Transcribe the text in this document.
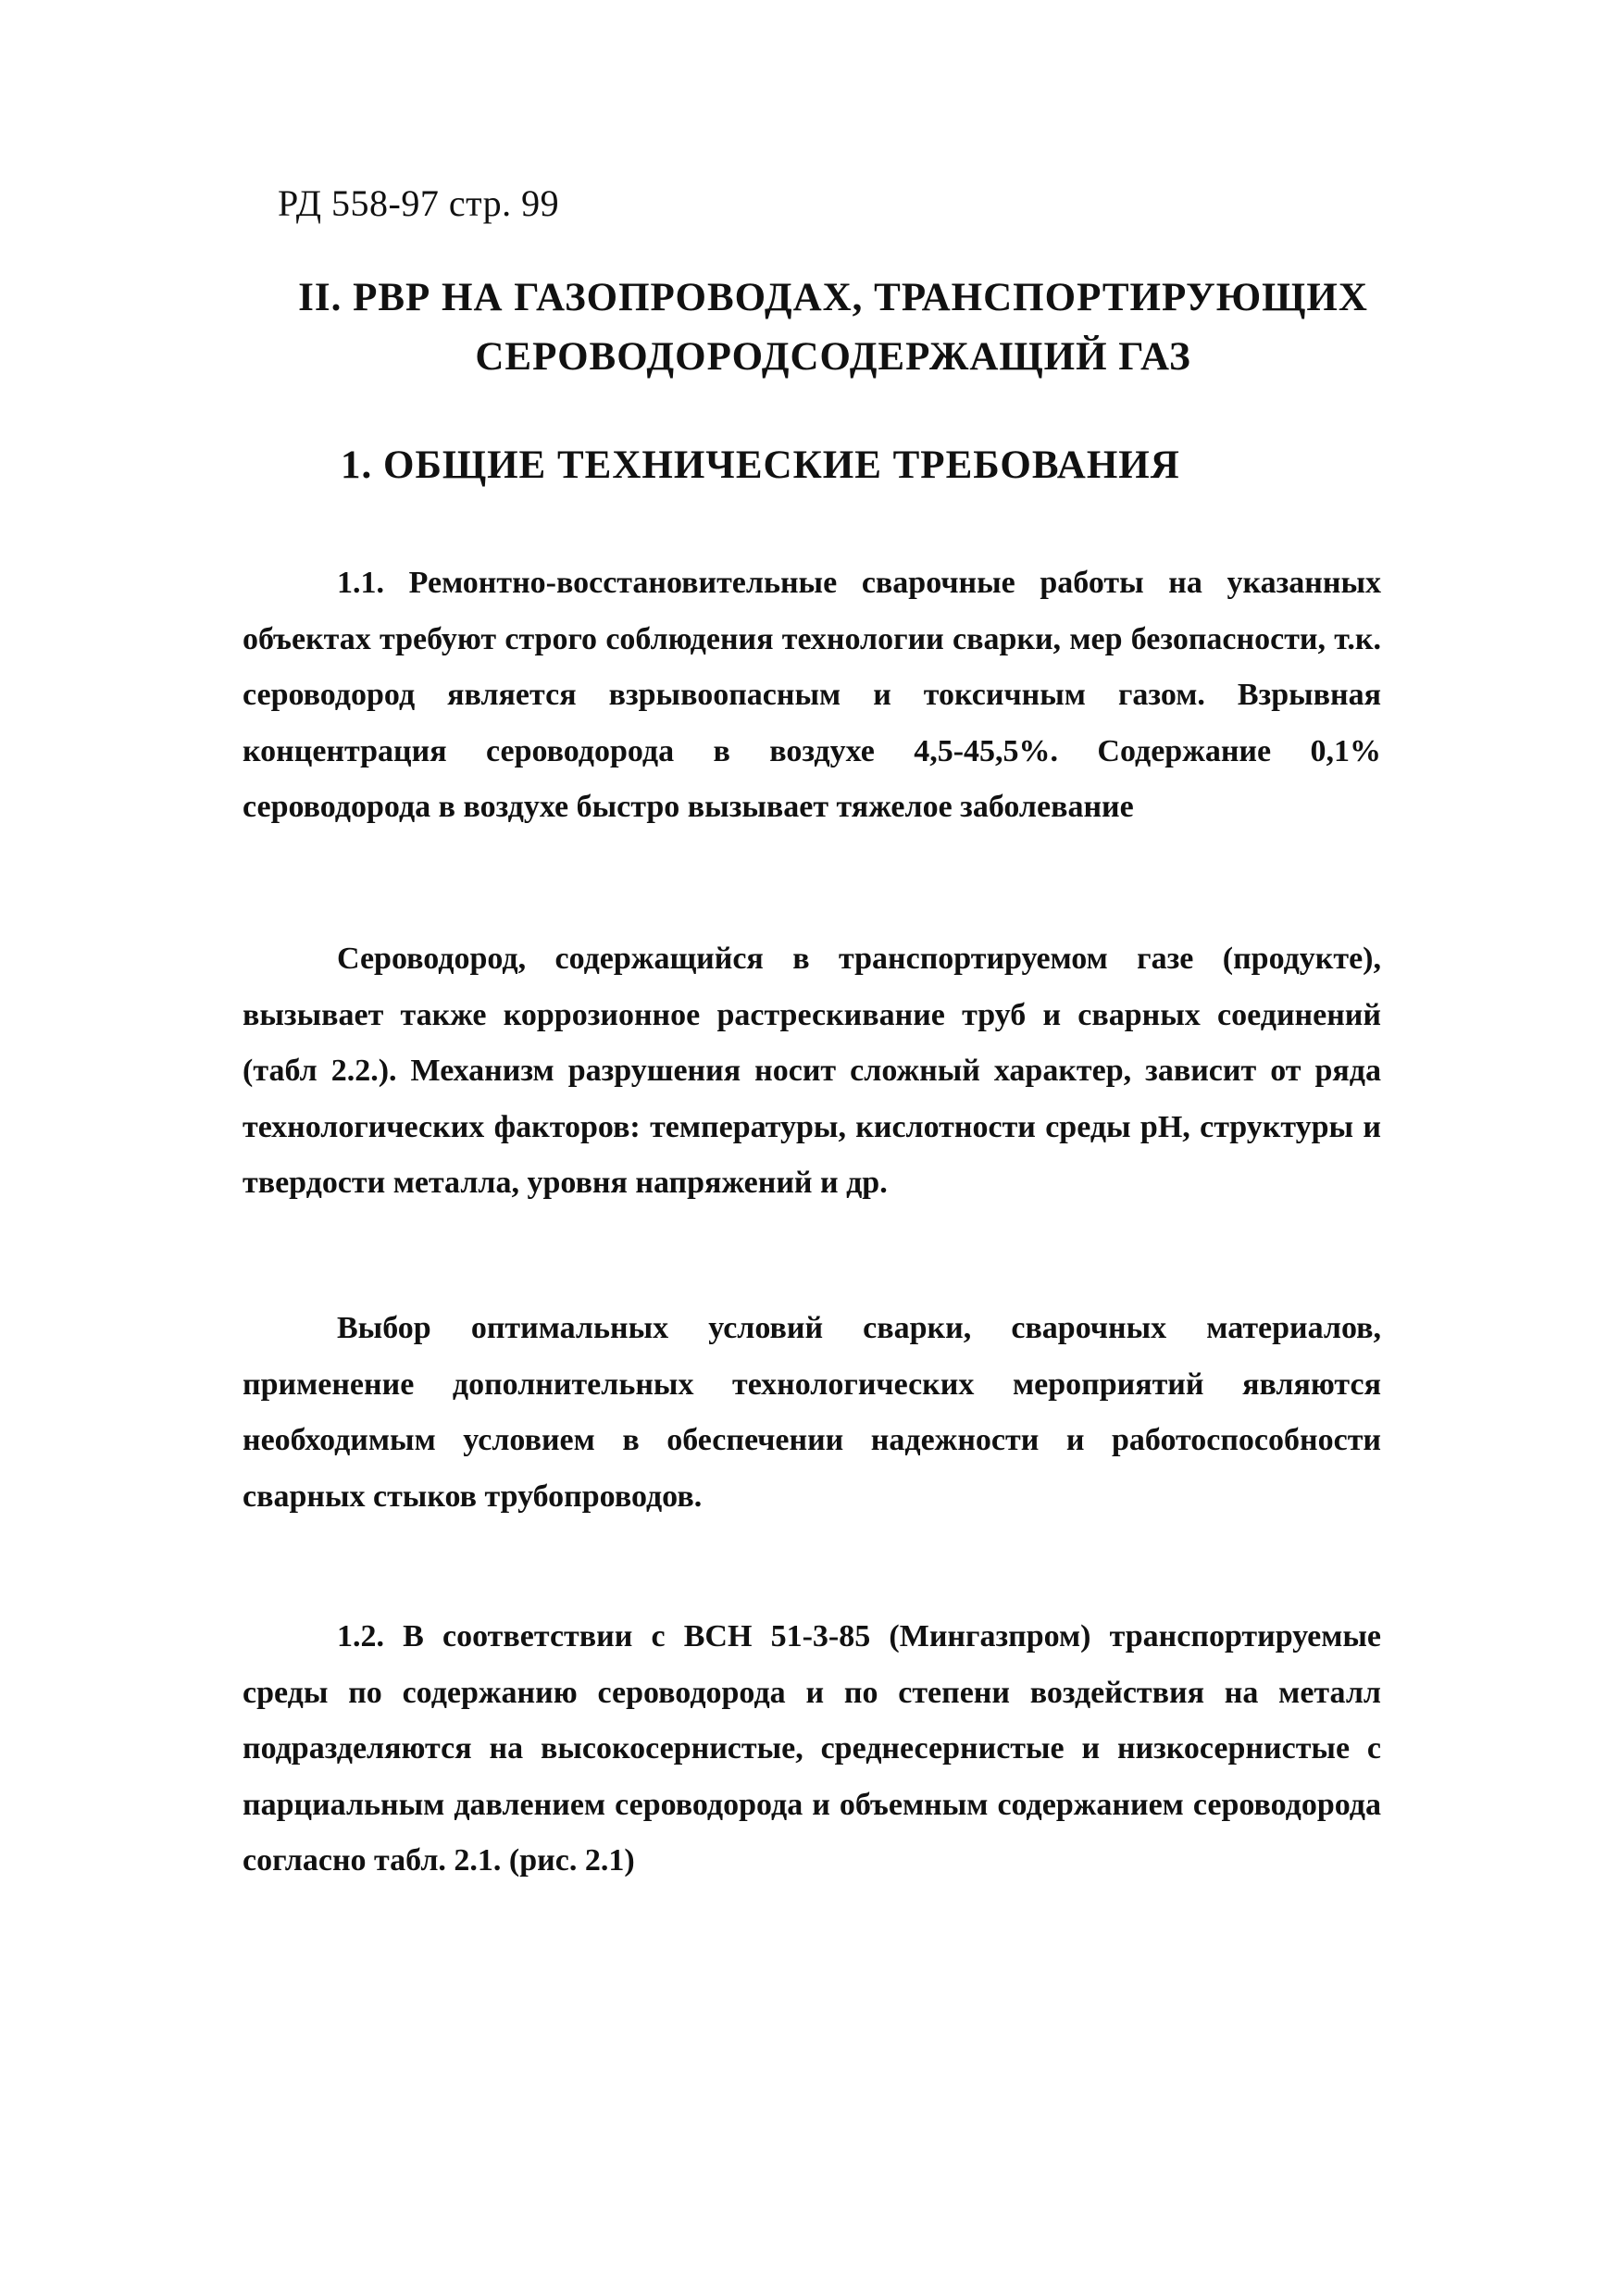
РД 558-97 стр. 99
II. РВР НА ГАЗОПРОВОДАХ, ТРАНСПОРТИРУЮЩИХ
СЕРОВОДОРОДСОДЕРЖАЩИЙ ГАЗ
1. ОБЩИЕ ТЕХНИЧЕСКИЕ ТРЕБОВАНИЯ

1.1. Ремонтно-восстановительные сварочные работы на указанных объектах требуют строго соблюдения технологии сварки, мер безопасности, т.к. сероводород является взрывоопасным и токсичным газом. Взрывная концентрация сероводорода в воздухе 4,5-45,5%. Содержание 0,1% сероводорода в воздухе быстро вызывает тяжелое заболевание

Сероводород, содержащийся в транспортируемом газе (продукте), вызывает также коррозионное растрескивание труб и сварных соединений (табл 2.2.). Механизм разрушения носит сложный характер, зависит от ряда технологических факторов: температуры, кислотности среды pH, структуры и твердости металла, уровня напряжений и др.

Выбор оптимальных условий сварки, сварочных материалов, применение дополнительных технологических мероприятий являются необходимым условием в обеспечении надежности и работоспособности сварных стыков трубопроводов.

1.2. В соответствии с ВСН 51-3-85 (Мингазпром) транспортируемые среды по содержанию сероводорода и по степени воздействия на металл подразделяются на высокосернистые, среднесернистые и низкосернистые с парциальным давлением сероводорода и объемным содержанием сероводорода согласно табл. 2.1. (рис. 2.1)
